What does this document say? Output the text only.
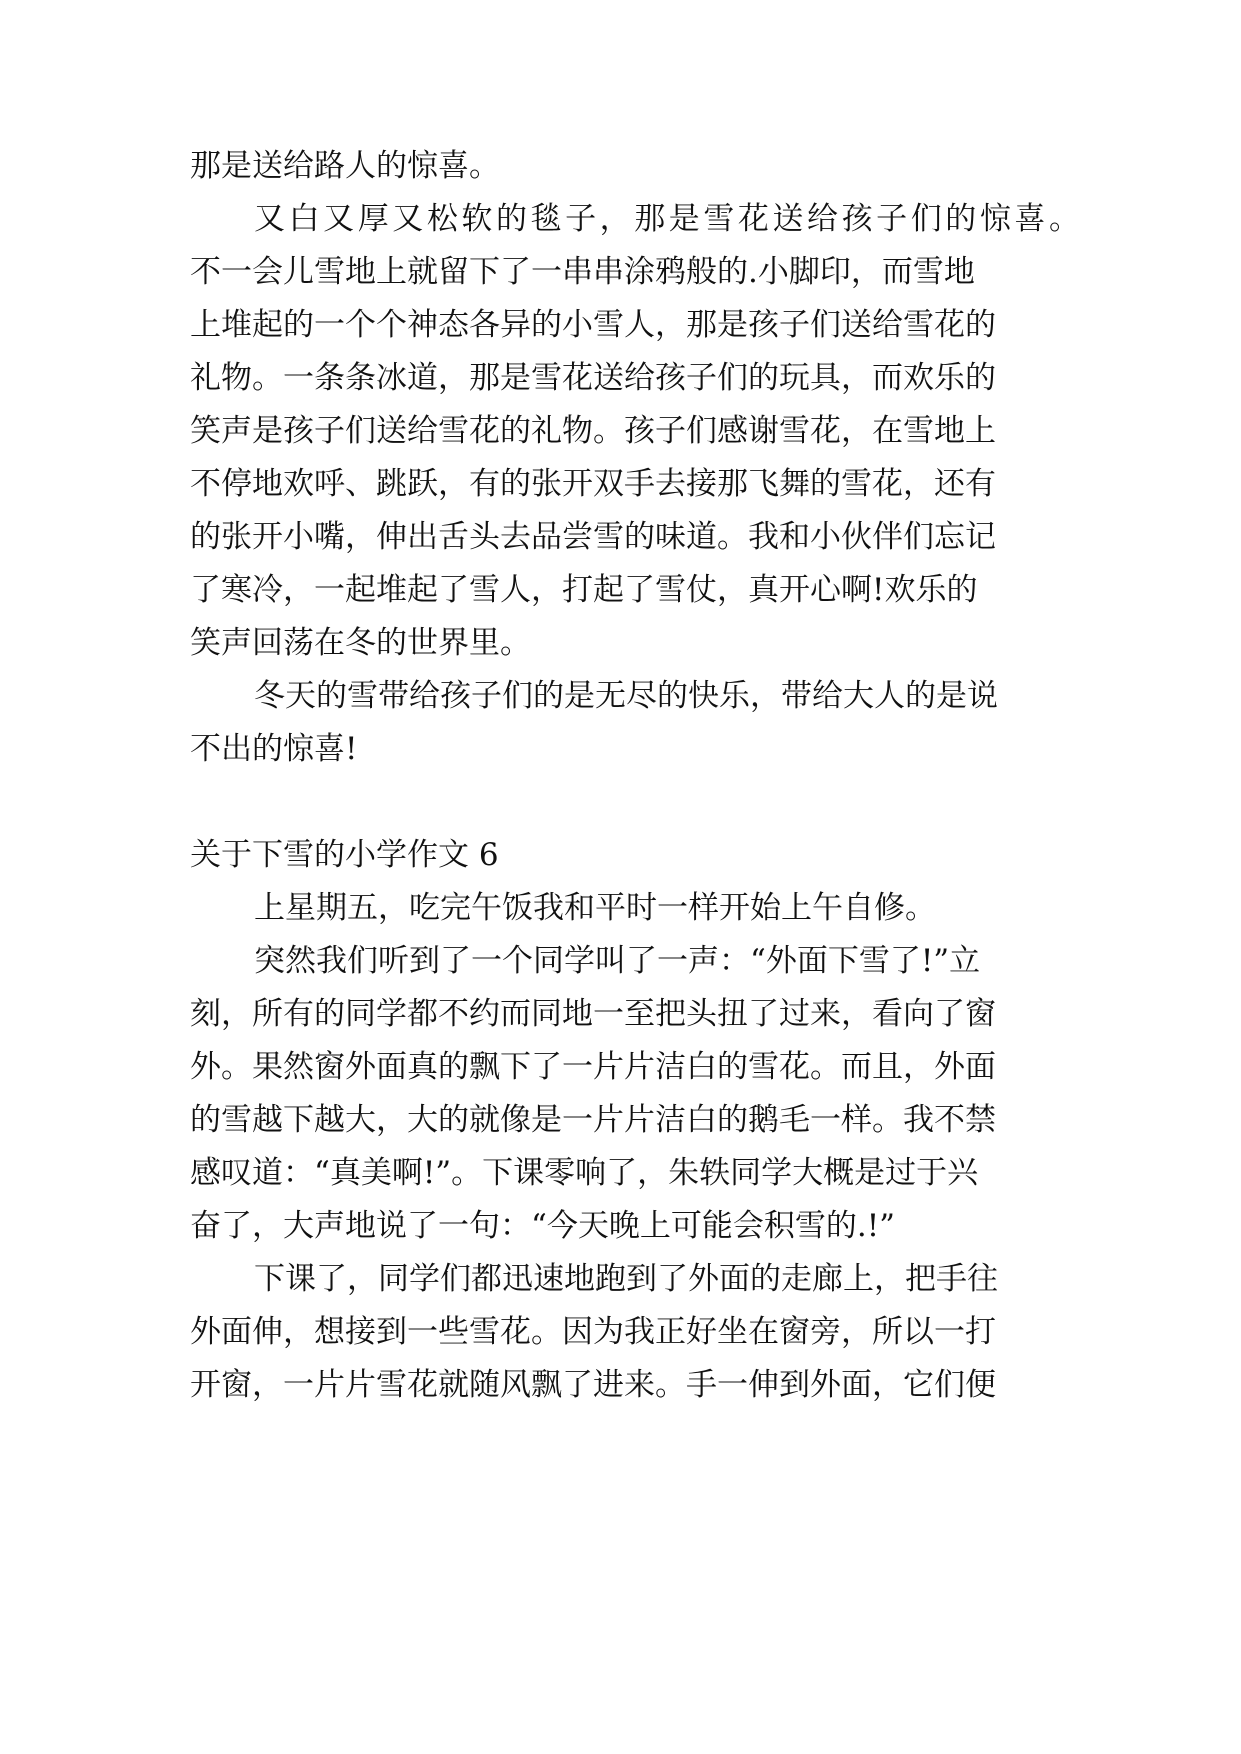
那是送给路人的惊喜。
又白又厚又松软的毯子，那是雪花送给孩子们的惊喜。
不一会儿雪地上就留下了一串串涂鸦般的.小脚印，而雪地
上堆起的一个个神态各异的小雪人，那是孩子们送给雪花的
礼物。一条条冰道，那是雪花送给孩子们的玩具，而欢乐的
笑声是孩子们送给雪花的礼物。孩子们感谢雪花，在雪地上
不停地欢呼、跳跃，有的张开双手去接那飞舞的雪花，还有
的张开小嘴，伸出舌头去品尝雪的味道。我和小伙伴们忘记
了寒冷，一起堆起了雪人，打起了雪仗，真开心啊!欢乐的
笑声回荡在冬的世界里。
冬天的雪带给孩子们的是无尽的快乐，带给大人的是说
不出的惊喜!
关于下雪的小学作文 6
上星期五，吃完午饭我和平时一样开始上午自修。
突然我们听到了一个同学叫了一声：“外面下雪了!”立
刻，所有的同学都不约而同地一至把头扭了过来，看向了窗
外。果然窗外面真的飘下了一片片洁白的雪花。而且，外面
的雪越下越大，大的就像是一片片洁白的鹅毛一样。我不禁
感叹道：“真美啊!”。下课零响了，朱轶同学大概是过于兴
奋了，大声地说了一句：“今天晚上可能会积雪的.!”
下课了，同学们都迅速地跑到了外面的走廊上，把手往
外面伸，想接到一些雪花。因为我正好坐在窗旁，所以一打
开窗，一片片雪花就随风飘了进来。手一伸到外面，它们便
